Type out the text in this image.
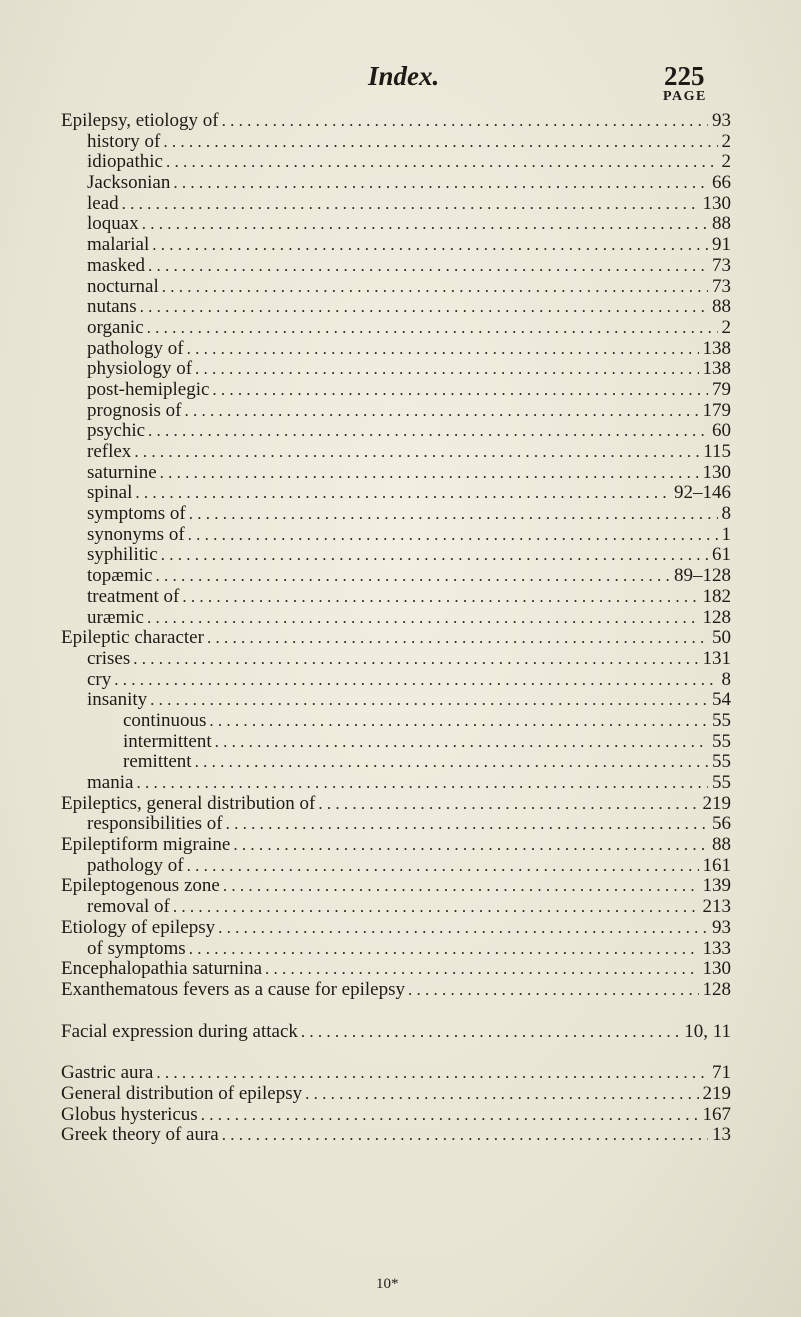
Index.	225
PAGE
Epilepsy, etiology of . . .	93
history of . . .	2
idiopathic . . .	2
Jacksonian . . .	66
lead . . .	130
loquax . . .	88
malarial . . .	91
masked . . .	73
nocturnal . . .	73
nutans . . .	88
organic . . .	2
pathology of . . .	138
physiology of . . .	138
post-hemiplegic . . .	79
prognosis of . . .	179
psychic . . .	60
reflex . . .	115
saturnine . . .	130
spinal . . .	92–146
symptoms of . . .	8
synonyms of . . .	1
syphilitic . . .	61
topæmic . . .	89–128
treatment of . . .	182
uræmic . . .	128
Epileptic character . . .	50
crises . . .	131
cry . . .	8
insanity . . .	54
continuous . . .	55
intermittent . . .	55
remittent . . .	55
mania . . .	55
Epileptics, general distribution of . . .	219
responsibilities of . . .	56
Epileptiform migraine . . .	88
pathology of . . .	161
Epileptogenous zone . . .	139
removal of . . .	213
Etiology of epilepsy . . .	93
of symptoms . . .	133
Encephalopathia saturnina . . .	130
Exanthematous fevers as a cause for epilepsy . . .	128
Facial expression during attack . . .	10, 11
Gastric aura . . .	71
General distribution of epilepsy . . .	219
Globus hystericus . . .	167
Greek theory of aura . . .	13
10*
